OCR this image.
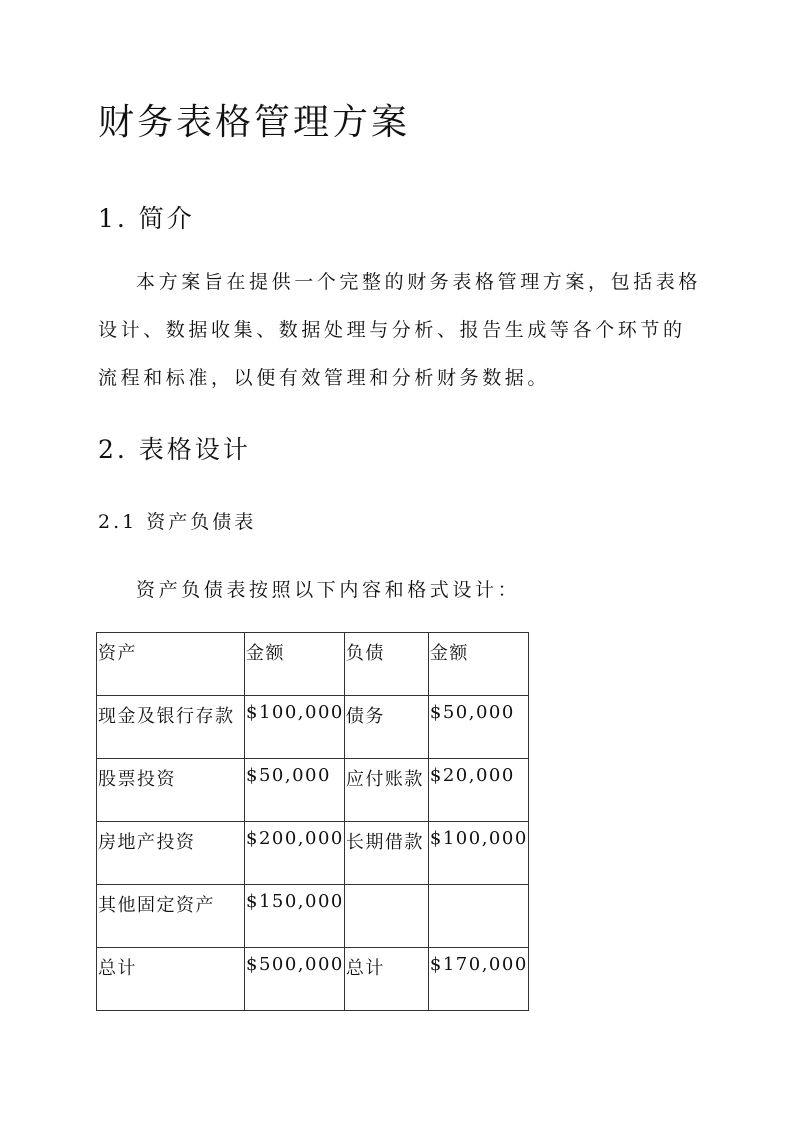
财务表格管理方案
1. 简介

本方案旨在提供一个完整的财务表格管理方案，包括表格设计、数据收集、数据处理与分析、报告生成等各个环节的流程和标准，以便有效管理和分析财务数据。

2. 表格设计
2.1 资产负债表

资产负债表按照以下内容和格式设计：

资产	金额	负债	金额
现金及银行存款	$100,000	债务	$50,000
股票投资	$50,000	应付账款	$20,000
房地产投资	$200,000	长期借款	$100,000
其他固定资产	$150,000		
总计	$500,000	总计	$170,000
